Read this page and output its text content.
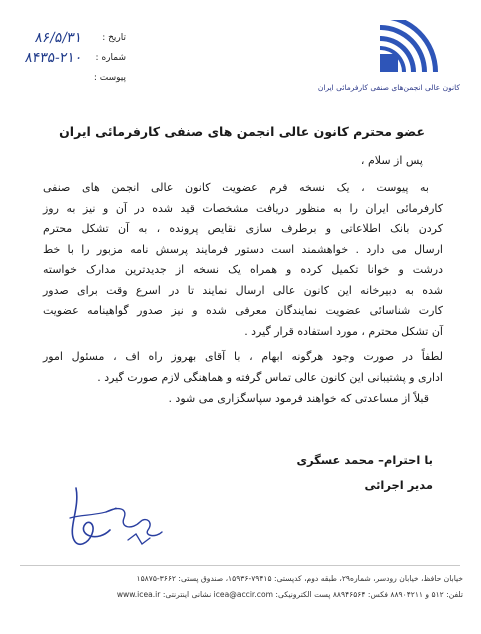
تاریخ :
۸۶/۵/۳۱
شماره :
۸۴۳۵-۲۱۰
پیوست :
کانون عالی انجمن‌های صنفی کارفرمائی ایران
عضو محترم کانون عالی انجمن های صنفی کارفرمائی ایران
پس از سلام ،
به پیوست ، یک نسخه فرم عضویت کانون عالی انجمن های صنفی
کارفرمائی ایران را به منظور دریافت مشخصات قید شده در آن و نیز به روز
کردن بانک اطلاعاتی و برطرف سازی نقایص پرونده ، به آن تشکل محترم
ارسال می دارد . خواهشمند است دستور فرمایند پرسش نامه مزبور را با خط
درشت و خوانا تکمیل کرده و همراه یک نسخه از جدیدترین مدارک خواسته
شده به دبیرخانه این کانون عالی ارسال نمایند تا در اسرع وقت برای صدور
کارت شناسائی عضویت نمایندگان معرفی شده و نیز صدور گواهینامه عضویت
آن تشکل محترم ، مورد استفاده قرار گیرد .
لطفاً در صورت وجود هرگونه ابهام ، با آقای بهروز راه اف ، مسئول امور
اداری و پشتیبانی این کانون عالی تماس گرفته و هماهنگی لازم صورت گیرد .
قبلاً از مساعدتی که خواهند فرمود سپاسگزاری می شود .
با احترام– محمد عسگری
مدیر اجرائی
خیابان حافظ، خیابان رودسر، شماره۲۹، طبقه دوم، کدپستی: ۷۹۴۱۵-۱۵۹۳۶، صندوق پستی: ۳۶۶۲-۱۵۸۷۵
تلفن: ۵۱۲ و ۸۸۹۰۴۲۱۱ فکس: ۸۸۹۴۶۵۶۴ پست الکترونیکی: icea@accir.com نشانی اینترنتی: www.icea.ir
